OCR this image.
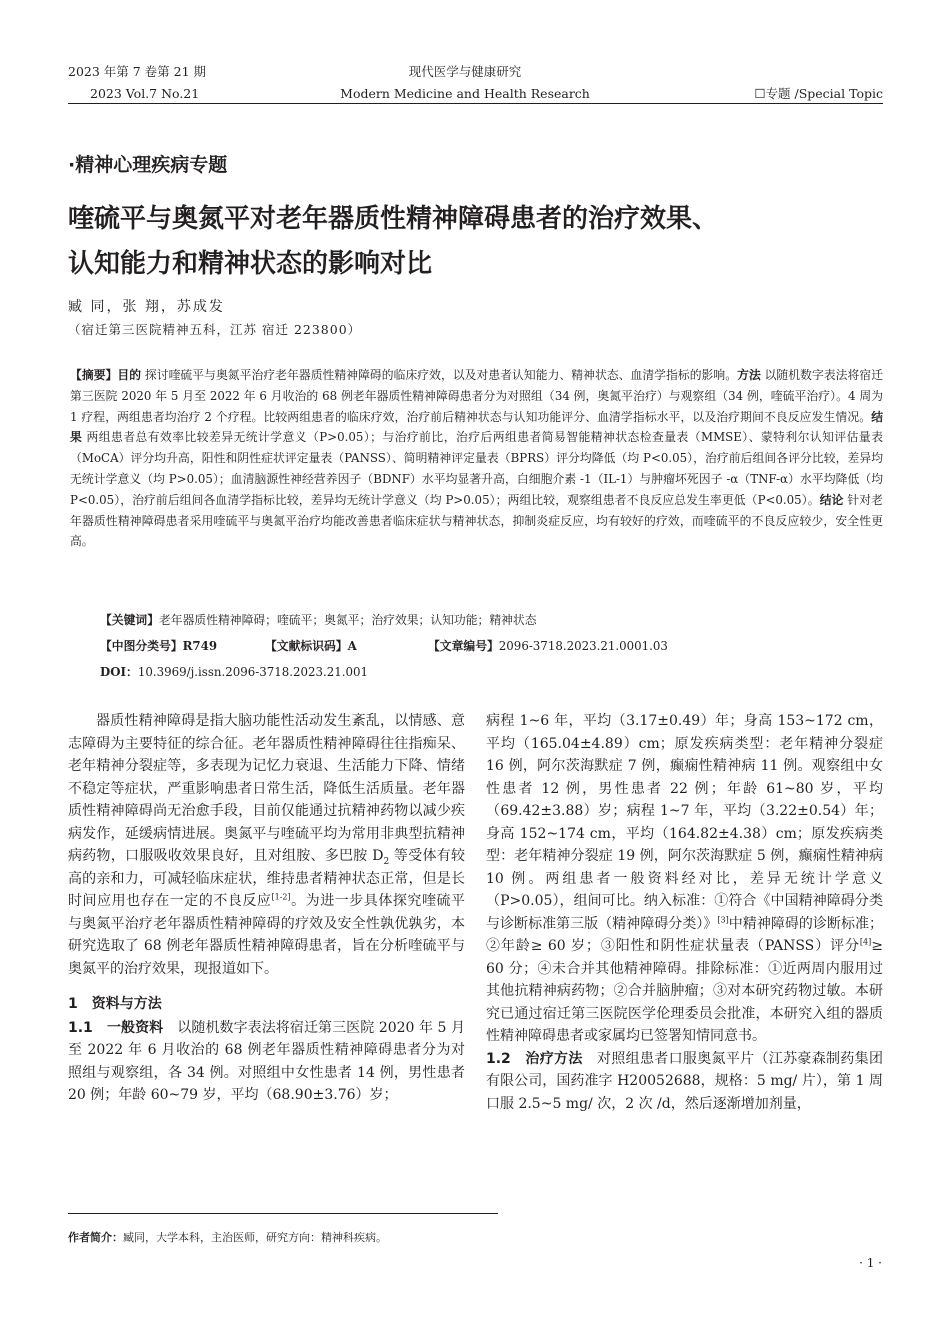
2023 年第 7 卷第 21 期
2023 Vol.7 No.21
现代医学与健康研究
Modern Medicine and Health Research	☐专题 /Special Topic
·精神心理疾病专题
喹硫平与奥氮平对老年器质性精神障碍患者的治疗效果、
认知能力和精神状态的影响对比
臧 同，张 翔，苏成发
（宿迁第三医院精神五科，江苏 宿迁 223800）
【摘要】目的 探讨喹硫平与奥氮平治疗老年器质性精神障碍的临床疗效，以及对患者认知能力、精神状态、血清学指标的影响。方法 以随机数字表法将宿迁第三医院 2020 年 5 月至 2022 年 6 月收治的 68 例老年器质性精神障碍患者分为对照组（34 例，奥氮平治疗）与观察组（34 例，喹硫平治疗）。4 周为 1 疗程，两组患者均治疗 2 个疗程。比较两组患者的临床疗效，治疗前后精神状态与认知功能评分、血清学指标水平，以及治疗期间不良反应发生情况。结果 两组患者总有效率比较差异无统计学意义（P>0.05）；与治疗前比，治疗后两组患者简易智能精神状态检查量表（MMSE）、蒙特利尔认知评估量表（MoCA）评分均升高，阳性和阴性症状评定量表（PANSS）、简明精神评定量表（BPRS）评分均降低（均 P<0.05），治疗前后组间各评分比较，差异均无统计学意义（均 P>0.05）；血清脑源性神经营养因子（BDNF）水平均显著升高，白细胞介素 -1（IL-1）与肿瘤坏死因子 -α（TNF-α）水平均降低（均 P<0.05），治疗前后组间各血清学指标比较，差异均无统计学意义（均 P>0.05）；两组比较，观察组患者不良反应总发生率更低（P<0.05）。结论 针对老年器质性精神障碍患者采用喹硫平与奥氮平治疗均能改善患者临床症状与精神状态，抑制炎症反应，均有较好的疗效，而喹硫平的不良反应较少，安全性更高。
【关键词】老年器质性精神障碍；喹硫平；奥氮平；治疗效果；认知功能；精神状态
【中图分类号】R749	【文献标识码】A	【文章编号】2096-3718.2023.21.0001.03
DOI：10.3969/j.issn.2096-3718.2023.21.001

器质性精神障碍是指大脑功能性活动发生紊乱，以情感、意志障碍为主要特征的综合征。老年器质性精神障碍往往指痴呆、老年精神分裂症等，多表现为记忆力衰退、生活能力下降、情绪不稳定等症状，严重影响患者日常生活，降低生活质量。老年器质性精神障碍尚无治愈手段，目前仅能通过抗精神药物以减少疾病发作，延缓病情进展。奥氮平与喹硫平均为常用非典型抗精神病药物，口服吸收效果良好，且对组胺、多巴胺 $D_2$ 等受体有较高的亲和力，可减轻临床症状，维持患者精神状态正常，但是长时间应用也存在一定的不良反应[1-2]。为进一步具体探究喹硫平与奥氮平治疗老年器质性精神障碍的疗效及安全性孰优孰劣，本研究选取了 68 例老年器质性精神障碍患者，旨在分析喹硫平与奥氮平的治疗效果，现报道如下。

1　资料与方法

1.1　一般资料　以随机数字表法将宿迁第三医院 2020 年 5 月至 2022 年 6 月收治的 68 例老年器质性精神障碍患者分为对照组与观察组，各 34 例。对照组中女性患者 14 例，男性患者 20 例；年龄 60~79 岁，平均（68.90±3.76）岁；

病程 1~6 年，平均（3.17±0.49）年；身高 153~172 cm，平均（165.04±4.89）cm；原发疾病类型：老年精神分裂症 16 例，阿尔茨海默症 7 例，癫痫性精神病 11 例。观察组中女性患者 12 例，男性患者 22 例；年龄 61~80 岁，平均（69.42±3.88）岁；病程 1~7 年，平均（3.22±0.54）年；身高 152~174 cm，平均（164.82±4.38）cm；原发疾病类型：老年精神分裂症 19 例，阿尔茨海默症 5 例，癫痫性精神病 10 例。两组患者一般资料经对比，差异无统计学意义（P>0.05），组间可比。纳入标准：①符合《中国精神障碍分类与诊断标准第三版（精神障碍分类）》[3]中精神障碍的诊断标准；②年龄≥ 60 岁；③阳性和阴性症状量表（PANSS）评分[4]≥ 60 分；④未合并其他精神障碍。排除标准：①近两周内服用过其他抗精神病药物；②合并脑肿瘤；③对本研究药物过敏。本研究已通过宿迁第三医院医学伦理委员会批准，本研究入组的器质性精神障碍患者或家属均已签署知情同意书。

1.2　治疗方法　对照组患者口服奥氮平片（江苏豪森制药集团有限公司，国药准字 H20052688，规格：5 mg/ 片），第 1 周口服 2.5~5 mg/ 次，2 次 /d，然后逐渐增加剂量，

作者简介：臧同，大学本科，主治医师，研究方向：精神科疾病。
· 1 ·
